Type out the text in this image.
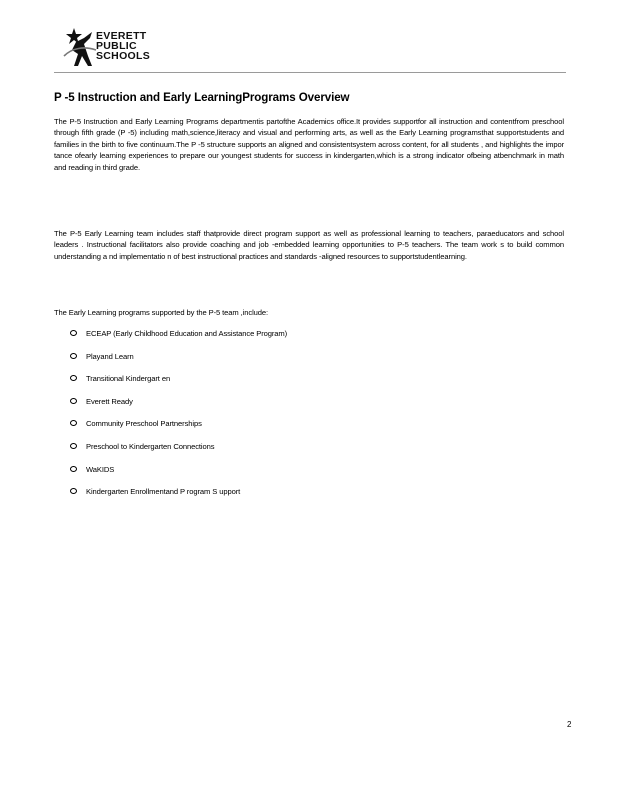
EVERETT
PUBLIC
SCHOOLS
P -5 Instruction and Early LearningPrograms Overview
The P-5 Instruction and Early Learning Programs departmentis partofthe Academics office.It provides supportfor all instruction and contentfrom preschool through fifth grade (P -5) including math,science,literacy and visual and performing arts, as well as the Early Learning programsthat supportstudents and families in the birth to five continuum.The P -5 structure supports an aligned and consistentsystem across content, for all students , and highlights the impor tance ofearly learning experiences to prepare our youngest students for success in kindergarten,which is a strong indicator ofbeing atbenchmark in math and reading in third grade.
The P-5 Early Learning team includes staff thatprovide direct program support as well as professional learning to teachers, paraeducators and school leaders . Instructional facilitators also provide coaching and job -embedded learning opportunities to P-5 teachers. The team work s to build common understanding a nd implementatio n of best instructional practices and standards -aligned resources to supportstudentlearning.
The Early Learning programs supported by the P-5 team ,include:
ECEAP (Early Childhood Education and Assistance Program)
Playand Learn
Transitional Kindergart en
Everett Ready
Community Preschool Partnerships
Preschool to Kindergarten Connections
WaKIDS
Kindergarten Enrollmentand P rogram S upport
2
